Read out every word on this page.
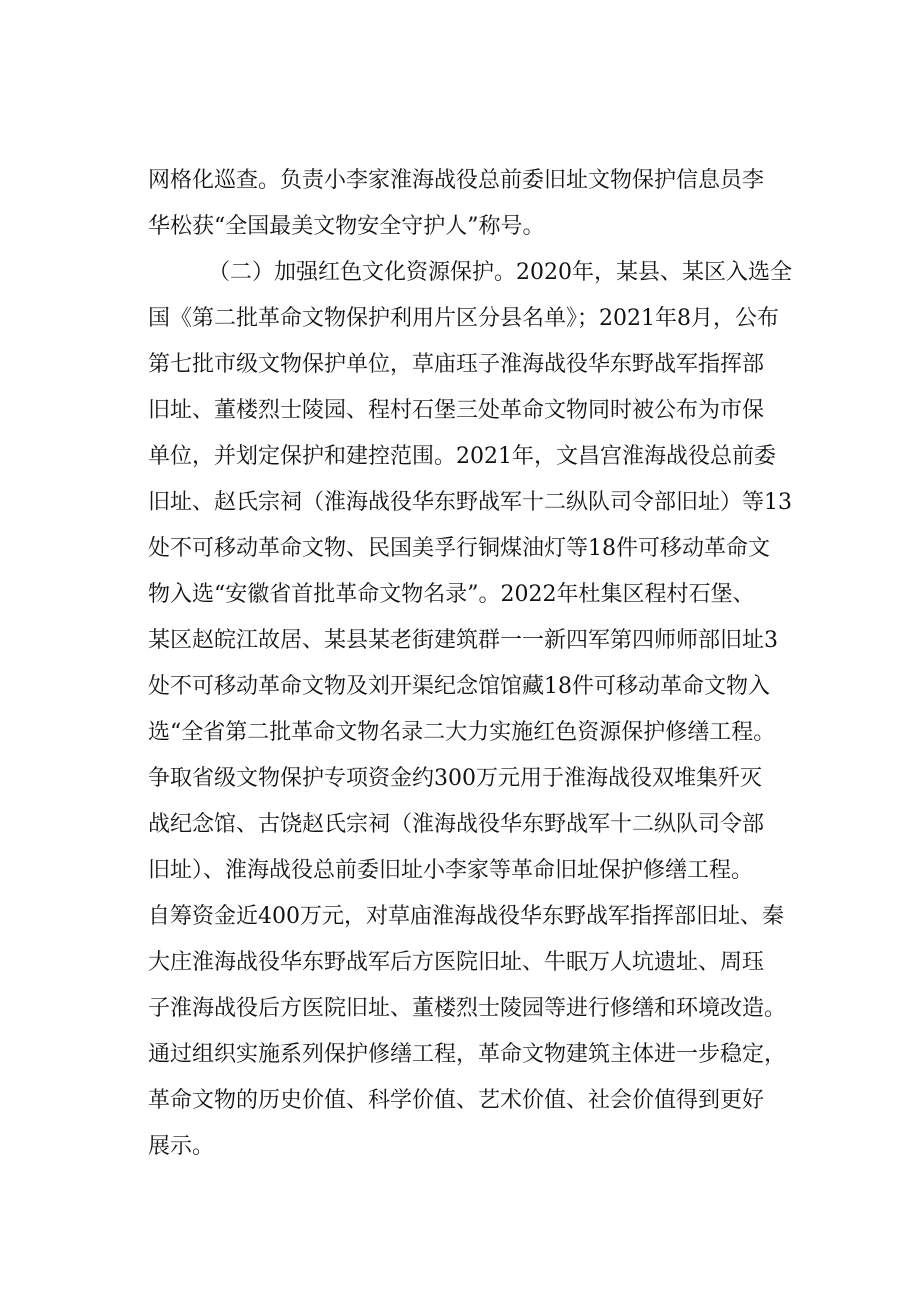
网格化巡查。负责小李家淮海战役总前委旧址文物保护信息员李
华松获“全国最美文物安全守护人”称号。
（二）加强红色文化资源保护。2020年，某县、某区入选全
国《第二批革命文物保护利用片区分县名单》；2021年8月，公布
第七批市级文物保护单位，草庙珏子淮海战役华东野战军指挥部
旧址、董楼烈士陵园、程村石堡三处革命文物同时被公布为市保
单位，并划定保护和建控范围。2021年，文昌宫淮海战役总前委
旧址、赵氏宗祠（淮海战役华东野战军十二纵队司令部旧址）等13
处不可移动革命文物、民国美孚行铜煤油灯等18件可移动革命文
物入选“安徽省首批革命文物名录”。2022年杜集区程村石堡、
某区赵皖江故居、某县某老街建筑群一一新四军第四师师部旧址3
处不可移动革命文物及刘开渠纪念馆馆藏18件可移动革命文物入
选“全省第二批革命文物名录二大力实施红色资源保护修缮工程。
争取省级文物保护专项资金约300万元用于淮海战役双堆集歼灭
战纪念馆、古饶赵氏宗祠（淮海战役华东野战军十二纵队司令部
旧址）、淮海战役总前委旧址小李家等革命旧址保护修缮工程。
自筹资金近400万元，对草庙淮海战役华东野战军指挥部旧址、秦
大庄淮海战役华东野战军后方医院旧址、牛眠万人坑遗址、周珏
子淮海战役后方医院旧址、董楼烈士陵园等进行修缮和环境改造。
通过组织实施系列保护修缮工程，革命文物建筑主体进一步稳定，
革命文物的历史价值、科学价值、艺术价值、社会价值得到更好
展示。
